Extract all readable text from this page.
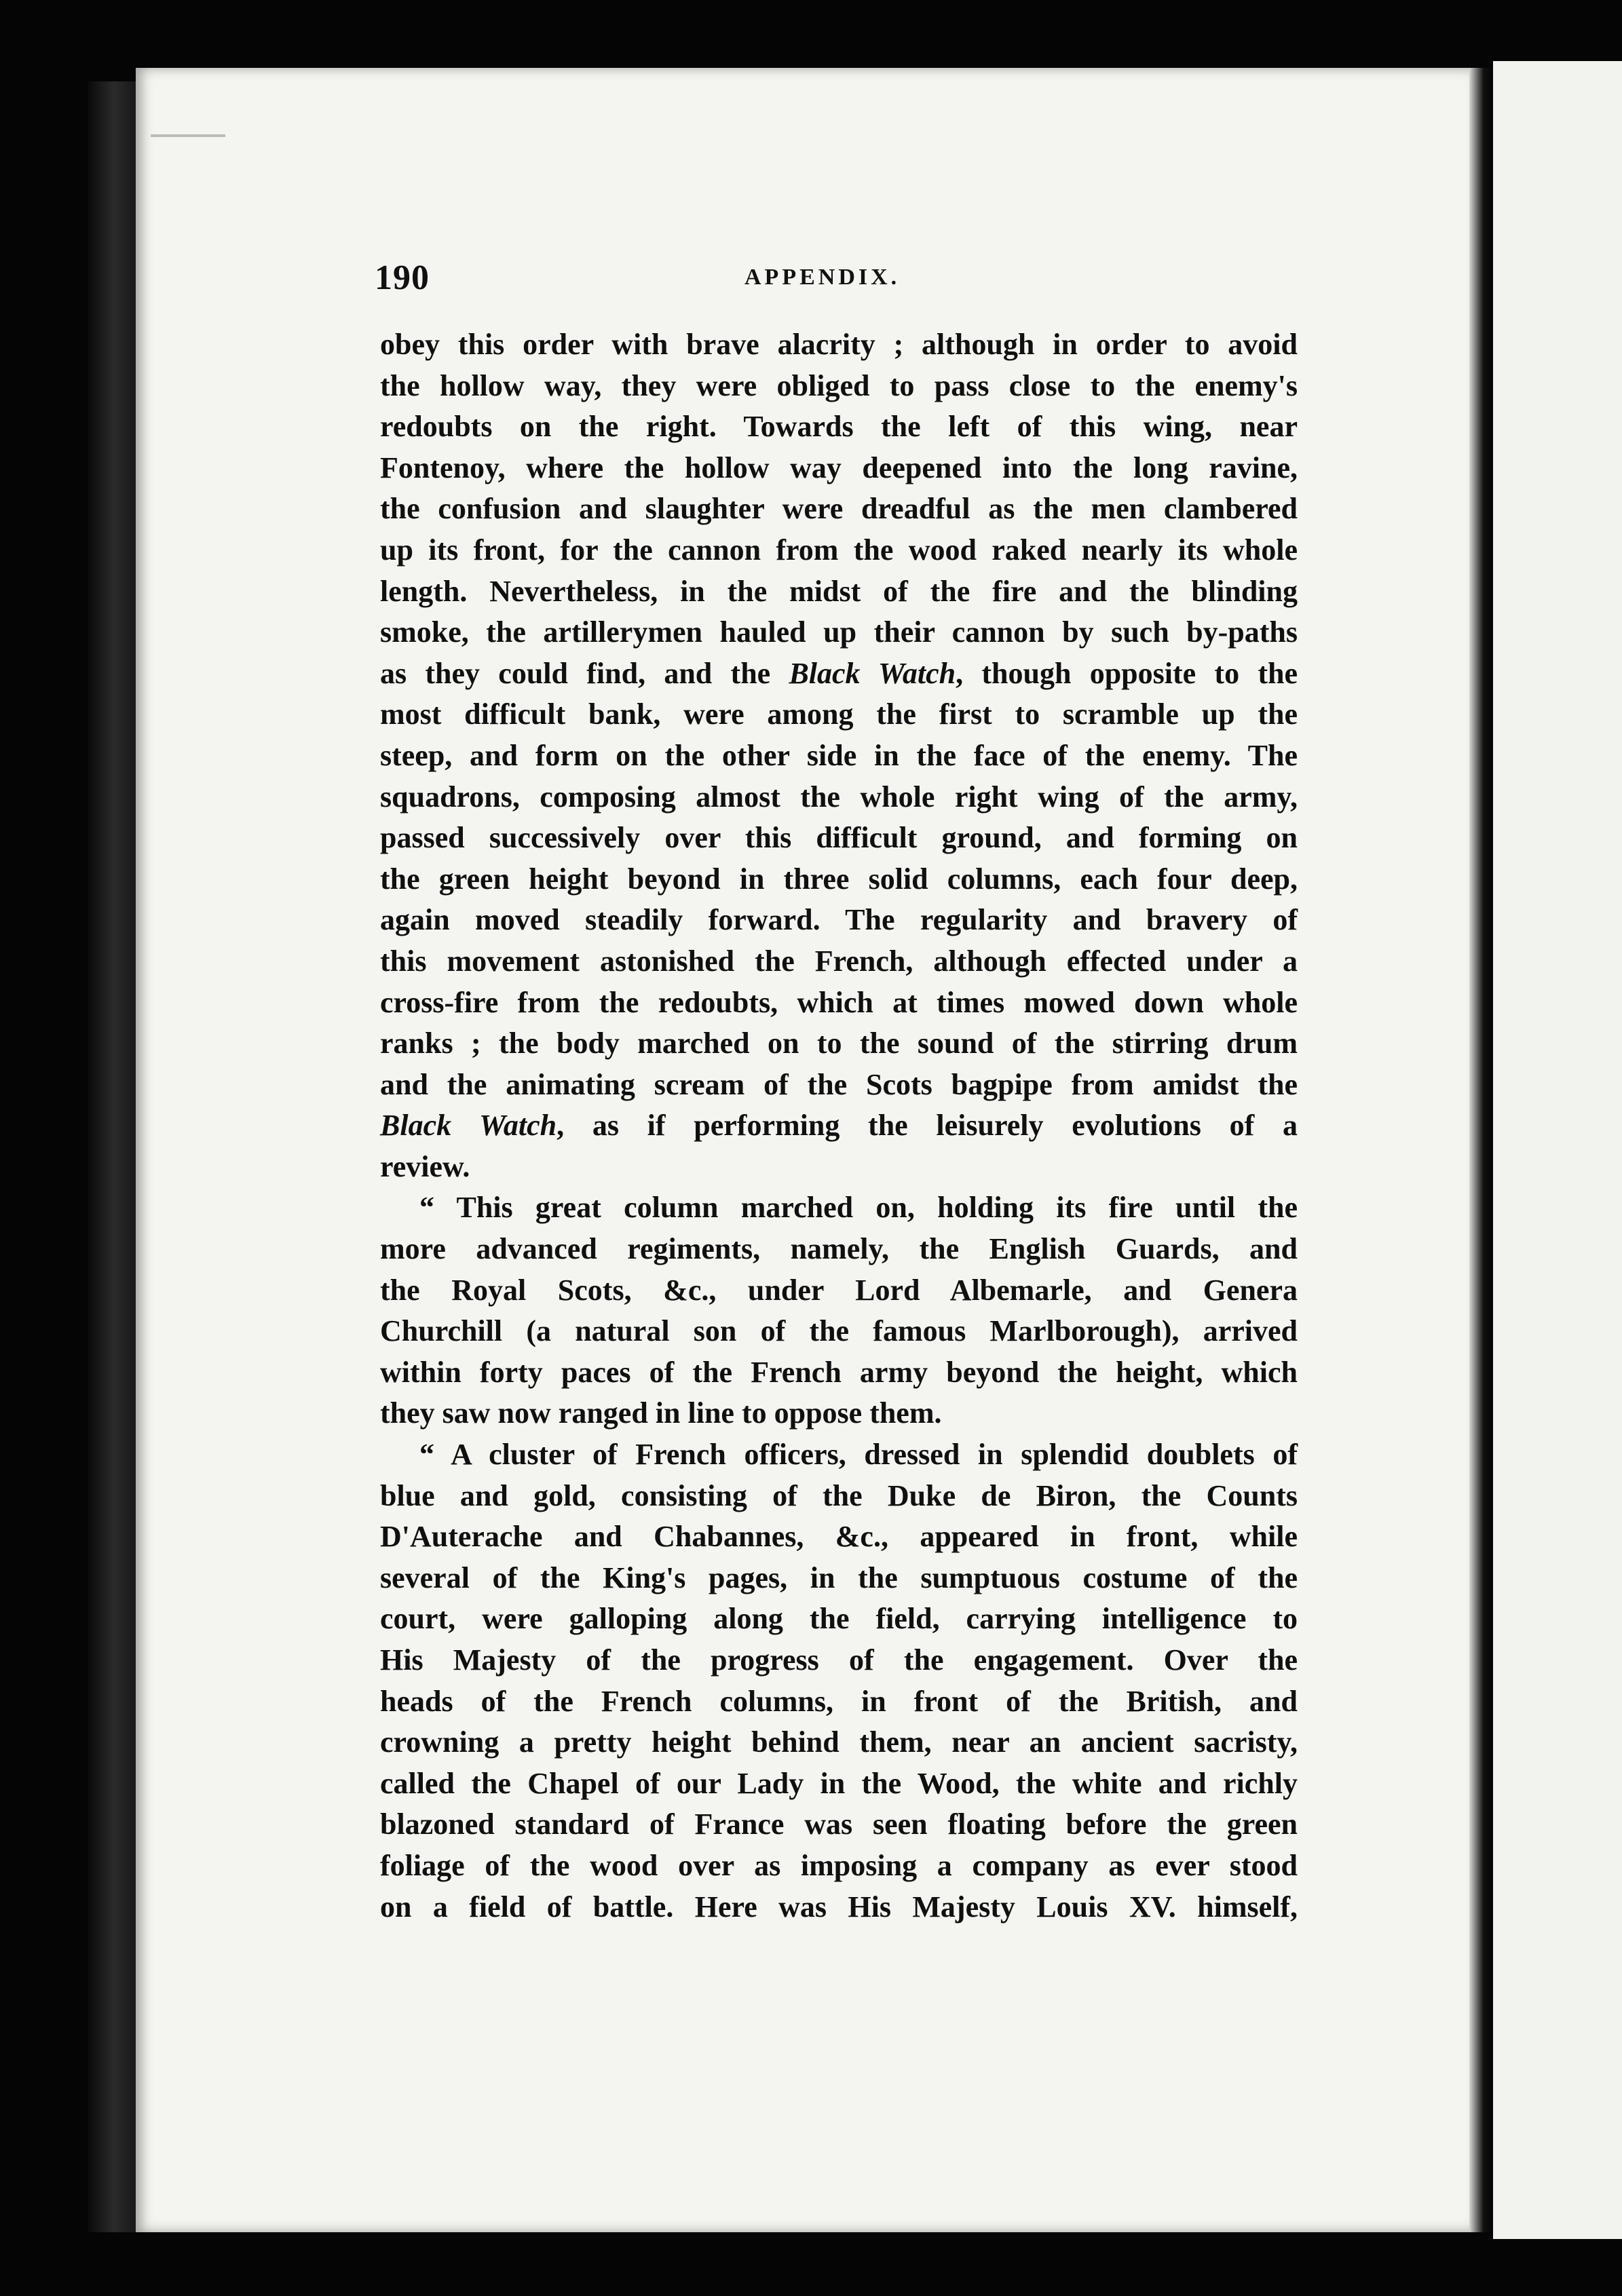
190	APPENDIX.
obey this order with brave alacrity ; although in order to avoid
the hollow way, they were obliged to pass close to the enemy's
redoubts on the right. Towards the left of this wing, near
Fontenoy, where the hollow way deepened into the long ravine,
the confusion and slaughter were dreadful as the men clambered
up its front, for the cannon from the wood raked nearly its whole
length. Nevertheless, in the midst of the fire and the blinding
smoke, the artillerymen hauled up their cannon by such by-paths
as they could find, and the Black Watch, though opposite to the
most difficult bank, were among the first to scramble up the
steep, and form on the other side in the face of the enemy. The
squadrons, composing almost the whole right wing of the army,
passed successively over this difficult ground, and forming on
the green height beyond in three solid columns, each four deep,
again moved steadily forward. The regularity and bravery of
this movement astonished the French, although effected under a
cross-fire from the redoubts, which at times mowed down whole
ranks ; the body marched on to the sound of the stirring drum
and the animating scream of the Scots bagpipe from amidst the
Black Watch, as if performing the leisurely evolutions of a
review.
“ This great column marched on, holding its fire until the
more advanced regiments, namely, the English Guards, and
the Royal Scots, &c., under Lord Albemarle, and Genera
Churchill (a natural son of the famous Marlborough), arrived
within forty paces of the French army beyond the height, which
they saw now ranged in line to oppose them.
“ A cluster of French officers, dressed in splendid doublets of
blue and gold, consisting of the Duke de Biron, the Counts
D'Auterache and Chabannes, &c., appeared in front, while
several of the King's pages, in the sumptuous costume of the
court, were galloping along the field, carrying intelligence to
His Majesty of the progress of the engagement. Over the
heads of the French columns, in front of the British, and
crowning a pretty height behind them, near an ancient sacristy,
called the Chapel of our Lady in the Wood, the white and richly
blazoned standard of France was seen floating before the green
foliage of the wood over as imposing a company as ever stood
on a field of battle. Here was His Majesty Louis XV. himself,
